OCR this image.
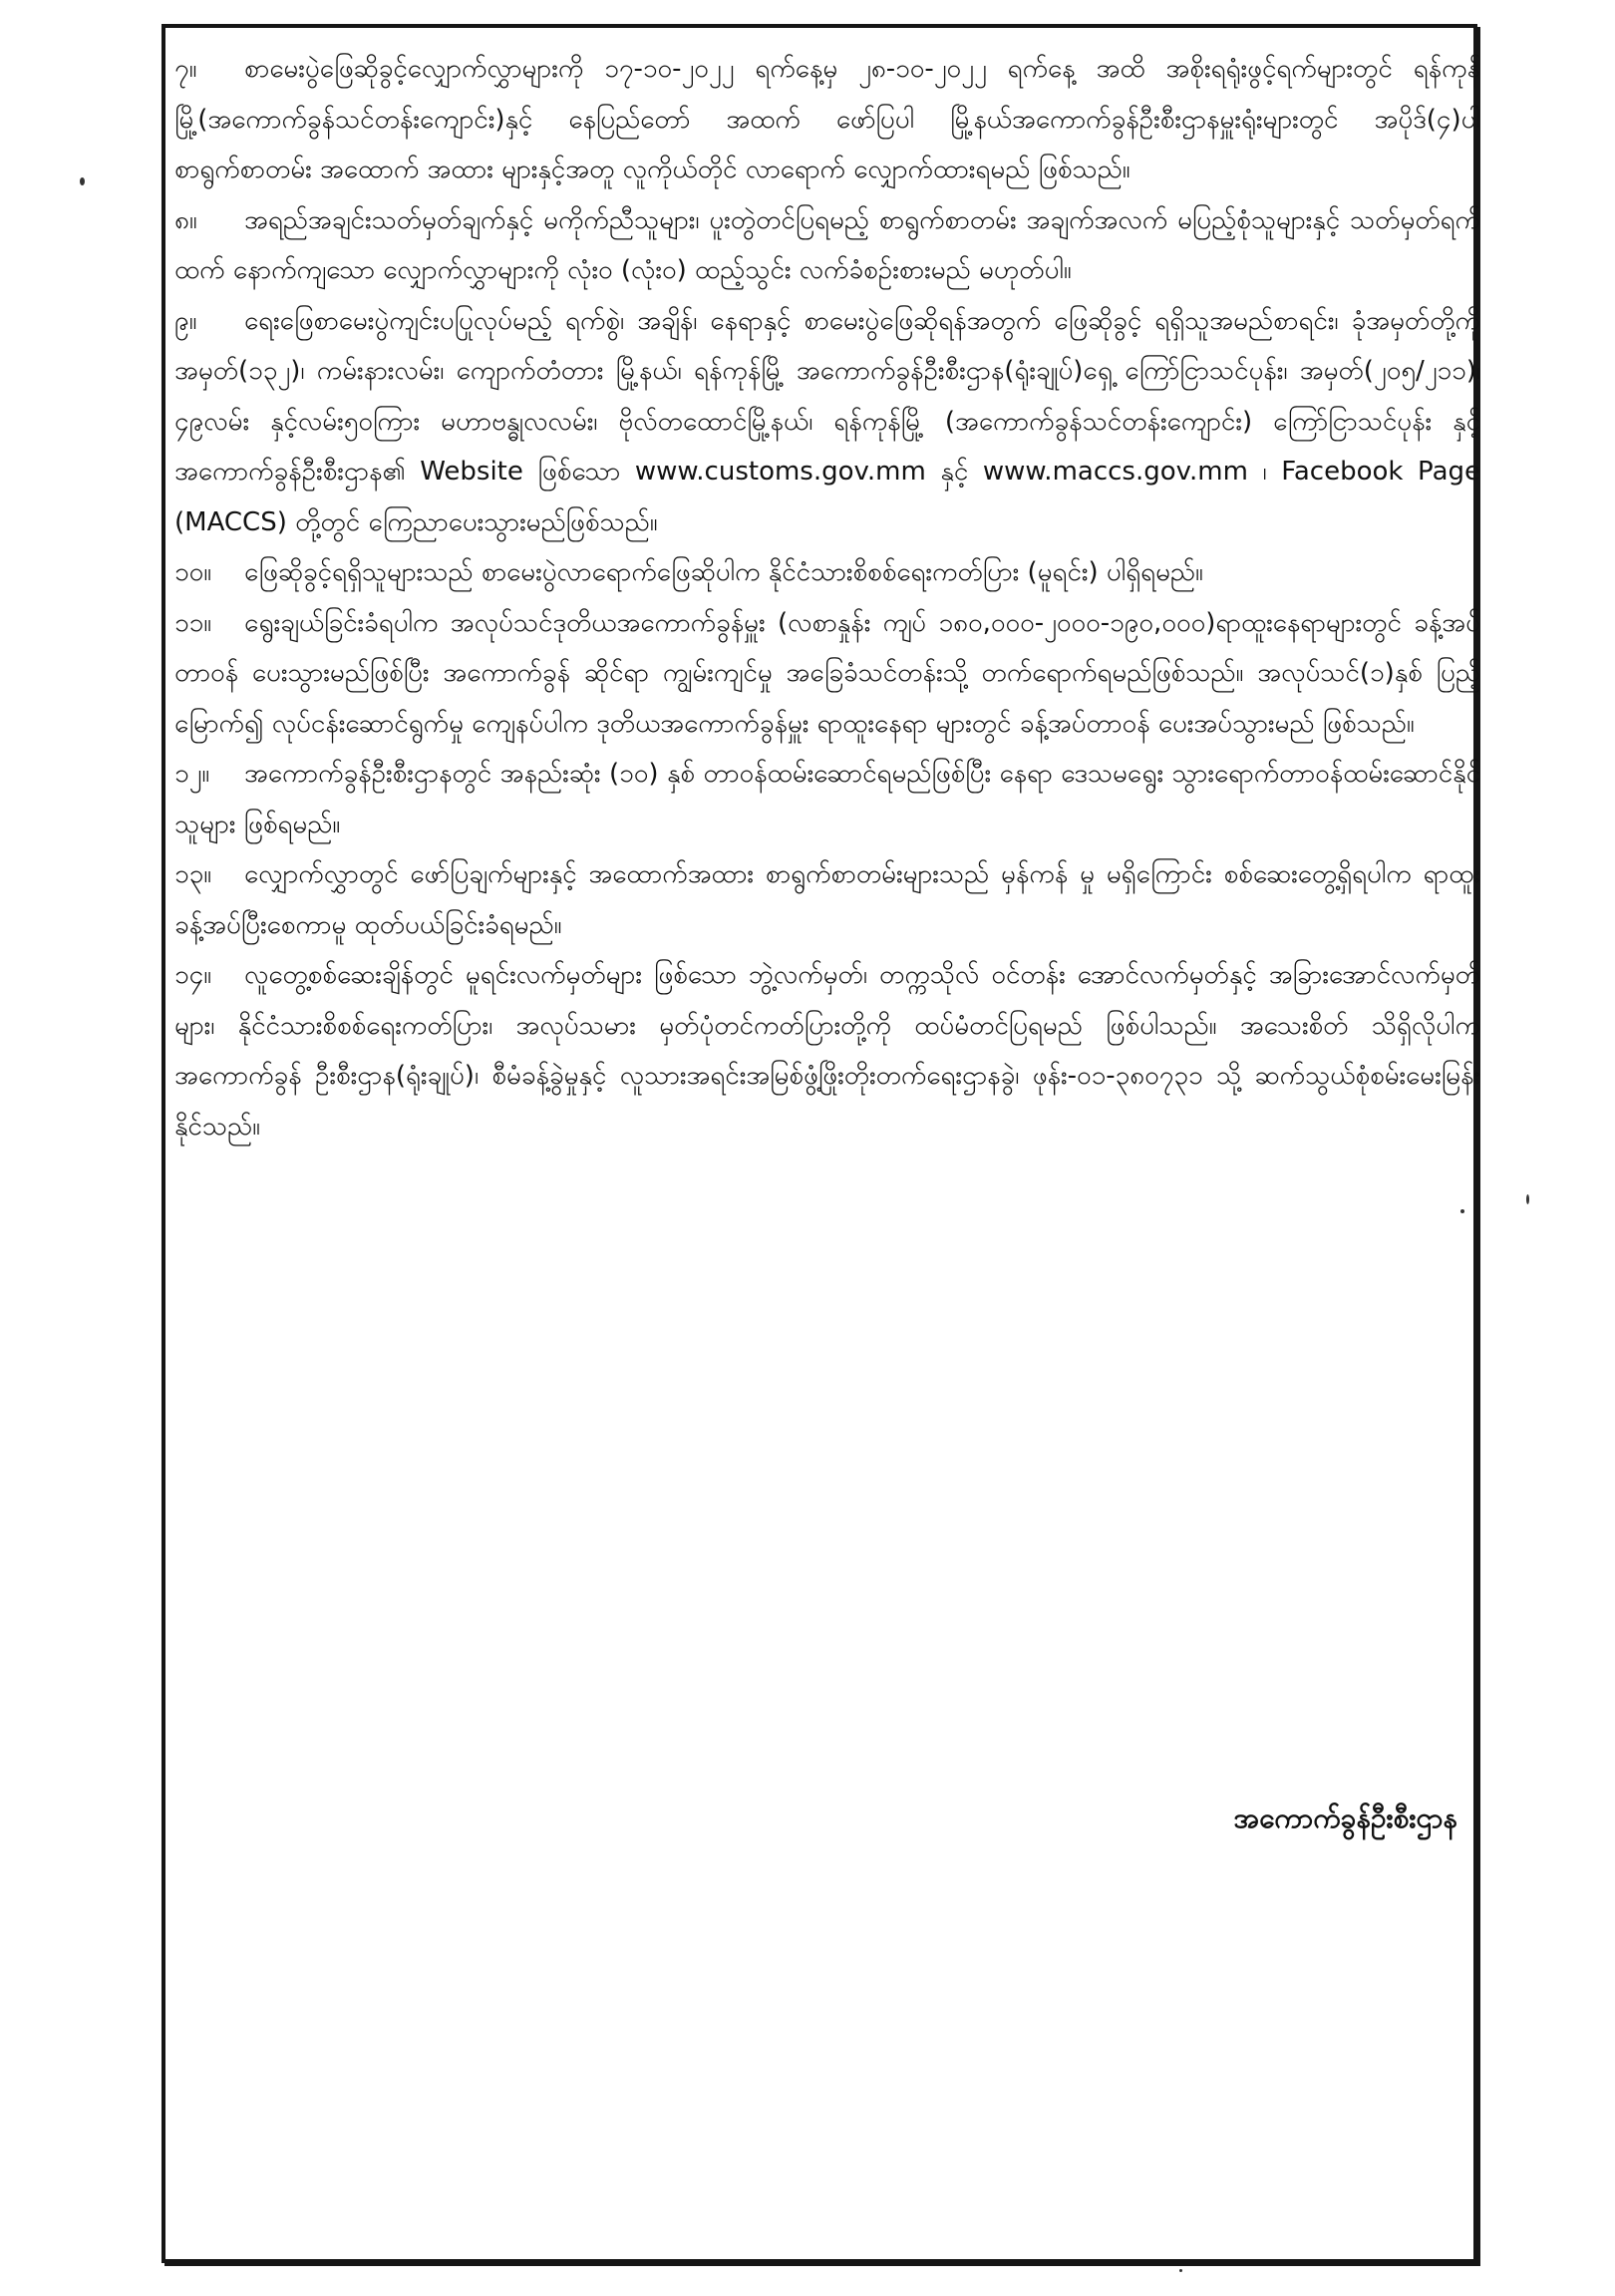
၇။ စာမေးပွဲဖြေဆိုခွင့်လျှောက်လွှာများကို ၁၇-၁၀-၂၀၂၂ ရက်နေ့မှ ၂၈-၁၀-၂၀၂၂ ရက်နေ့ အထိ အစိုးရရုံးဖွင့်ရက်များတွင် ရန်ကုန်မြို့(အကောက်ခွန်သင်တန်းကျောင်း)နှင့် နေပြည်တော် အထက် ဖော်ပြပါ မြို့နယ်အကောက်ခွန်ဦးစီးဌာနမှူးရုံးများတွင် အပိုဒ်(၄)ပါ စာရွက်စာတမ်း အထောက် အထား များနှင့်အတူ လူကိုယ်တိုင် လာရောက် လျှောက်ထားရမည် ဖြစ်သည်။

၈။ အရည်အချင်းသတ်မှတ်ချက်နှင့် မကိုက်ညီသူများ၊ ပူးတွဲတင်ပြရမည့် စာရွက်စာတမ်း အချက်အလက် မပြည့်စုံသူများနှင့် သတ်မှတ်ရက်ထက် နောက်ကျသော လျှောက်လွှာများကို လုံးဝ (လုံးဝ) ထည့်သွင်း လက်ခံစဉ်းစားမည် မဟုတ်ပါ။

၉။ ရေးဖြေစာမေးပွဲကျင်းပပြုလုပ်မည့် ရက်စွဲ၊ အချိန်၊ နေရာနှင့် စာမေးပွဲဖြေဆိုရန်အတွက် ဖြေဆိုခွင့် ရရှိသူအမည်စာရင်း၊ ခုံအမှတ်တို့ကို အမှတ်(၁၃၂)၊ ကမ်းနားလမ်း၊ ကျောက်တံတား မြို့နယ်၊ ရန်ကုန်မြို့ အကောက်ခွန်ဦးစီးဌာန(ရုံးချုပ်)ရှေ့ ကြော်ငြာသင်ပုန်း၊ အမှတ်(၂၀၅/၂၁၁)၊ ၄၉လမ်း နှင့်လမ်း၅၀ကြား မဟာဗန္ဓုလလမ်း၊ ဗိုလ်တထောင်မြို့နယ်၊ ရန်ကုန်မြို့ (အကောက်ခွန်သင်တန်းကျောင်း) ကြော်ငြာသင်ပုန်း နှင့် အကောက်ခွန်ဦးစီးဌာန၏ Website ဖြစ်သော www.customs.gov.mm နှင့် www.maccs.gov.mm ၊ Facebook Page (MACCS) တို့တွင် ကြေညာပေးသွားမည်ဖြစ်သည်။

၁၀။ ဖြေဆိုခွင့်ရရှိသူများသည် စာမေးပွဲလာရောက်ဖြေဆိုပါက နိုင်ငံသားစိစစ်ရေးကတ်ပြား (မူရင်း) ပါရှိရမည်။

၁၁။ ရွေးချယ်ခြင်းခံရပါက အလုပ်သင်ဒုတိယအကောက်ခွန်မှူး (လစာနှုန်း ကျပ် ၁၈၀,၀၀၀-၂၀၀၀-၁၉၀,၀၀၀)ရာထူးနေရာများတွင် ခန့်အပ်တာဝန် ပေးသွားမည်ဖြစ်ပြီး အကောက်ခွန် ဆိုင်ရာ ကျွမ်းကျင်မှု အခြေခံသင်တန်းသို့ တက်ရောက်ရမည်ဖြစ်သည်။ အလုပ်သင်(၁)နှစ် ပြည့်မြောက်၍ လုပ်ငန်းဆောင်ရွက်မှု ကျေနပ်ပါက ဒုတိယအကောက်ခွန်မှူး ရာထူးနေရာ များတွင် ခန့်အပ်တာဝန် ပေးအပ်သွားမည် ဖြစ်သည်။

၁၂။ အကောက်ခွန်ဦးစီးဌာနတွင် အနည်းဆုံး (၁၀) နှစ် တာဝန်ထမ်းဆောင်ရမည်ဖြစ်ပြီး နေရာ ဒေသမရွေး သွားရောက်တာဝန်ထမ်းဆောင်နိုင်သူများ ဖြစ်ရမည်။

၁၃။ လျှောက်လွှာတွင် ဖော်ပြချက်များနှင့် အထောက်အထား စာရွက်စာတမ်းများသည် မှန်ကန် မှု မရှိကြောင်း စစ်ဆေးတွေ့ရှိရပါက ရာထူးခန့်အပ်ပြီးစေကာမူ ထုတ်ပယ်ခြင်းခံရမည်။

၁၄။ လူတွေ့စစ်ဆေးချိန်တွင် မူရင်းလက်မှတ်များ ဖြစ်သော ဘွဲ့လက်မှတ်၊ တက္ကသိုလ် ဝင်တန်း အောင်လက်မှတ်နှင့် အခြားအောင်လက်မှတ်များ၊ နိုင်ငံသားစိစစ်ရေးကတ်ပြား၊ အလုပ်သမား မှတ်ပုံတင်ကတ်ပြားတို့ကို ထပ်မံတင်ပြရမည် ဖြစ်ပါသည်။ အသေးစိတ် သိရှိလိုပါက အကောက်ခွန် ဦးစီးဌာန(ရုံးချုပ်)၊ စီမံခန့်ခွဲမှုနှင့် လူသားအရင်းအမြစ်ဖွံ့ဖြိုးတိုးတက်ရေးဌာနခွဲ၊ ဖုန်း-၀၁-၃၈၀၇၃၁ သို့ ဆက်သွယ်စုံစမ်းမေးမြန်းနိုင်သည်။

အကောက်ခွန်ဦးစီးဌာန
